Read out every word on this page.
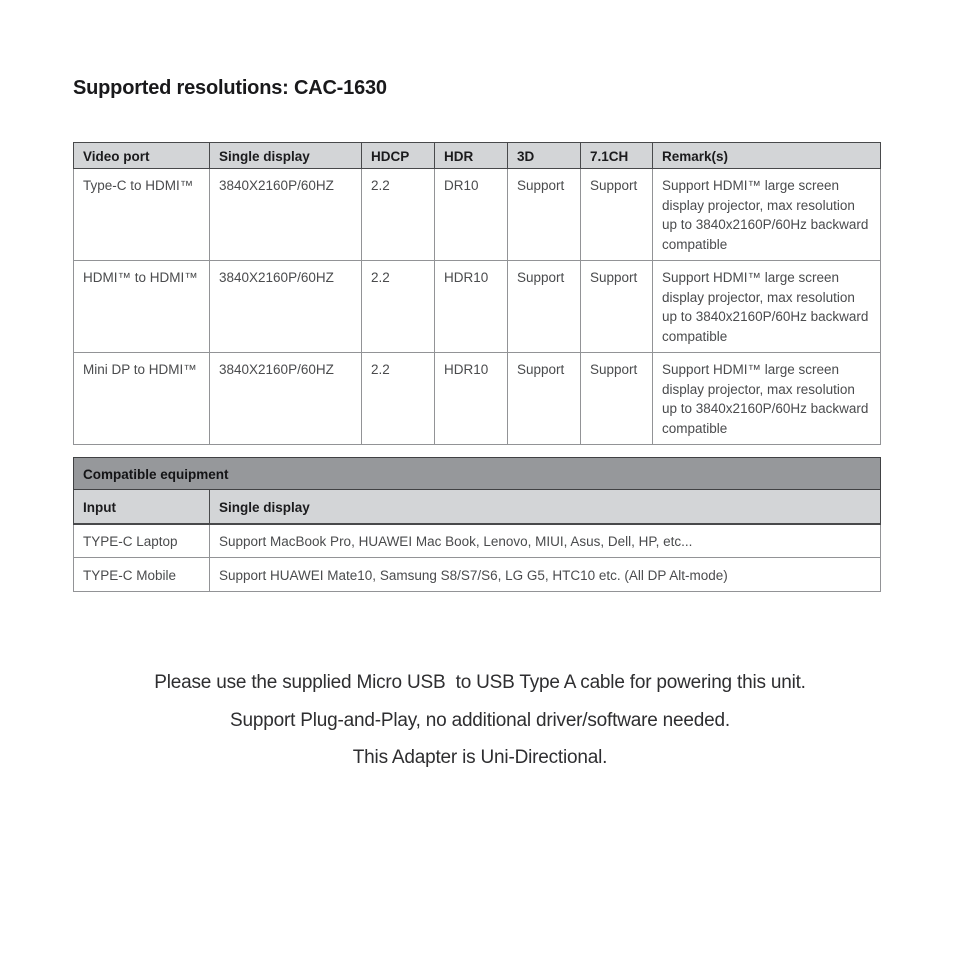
Supported resolutions: CAC-1630
Video port	Single display	HDCP	HDR	3D	7.1CH	Remark(s)
Type-C to HDMI™	3840X2160P/60HZ	2.2	DR10	Support	Support	Support HDMI™ large screen display projector, max resolution up to 3840x2160P/60Hz backward compatible
HDMI™ to HDMI™	3840X2160P/60HZ	2.2	HDR10	Support	Support	Support HDMI™ large screen display projector, max resolution up to 3840x2160P/60Hz backward compatible
Mini DP to HDMI™	3840X2160P/60HZ	2.2	HDR10	Support	Support	Support HDMI™ large screen display projector, max resolution up to 3840x2160P/60Hz backward compatible
Compatible equipment	
Input	Single display
TYPE-C Laptop	Support MacBook Pro, HUAWEI Mac Book, Lenovo, MIUI, Asus, Dell, HP, etc...
TYPE-C Mobile	Support HUAWEI Mate10, Samsung S8/S7/S6, LG G5, HTC10 etc. (All DP Alt-mode)
Please use the supplied Micro USB  to USB Type A cable for powering this unit.
Support Plug-and-Play, no additional driver/software needed.
This Adapter is Uni-Directional.
